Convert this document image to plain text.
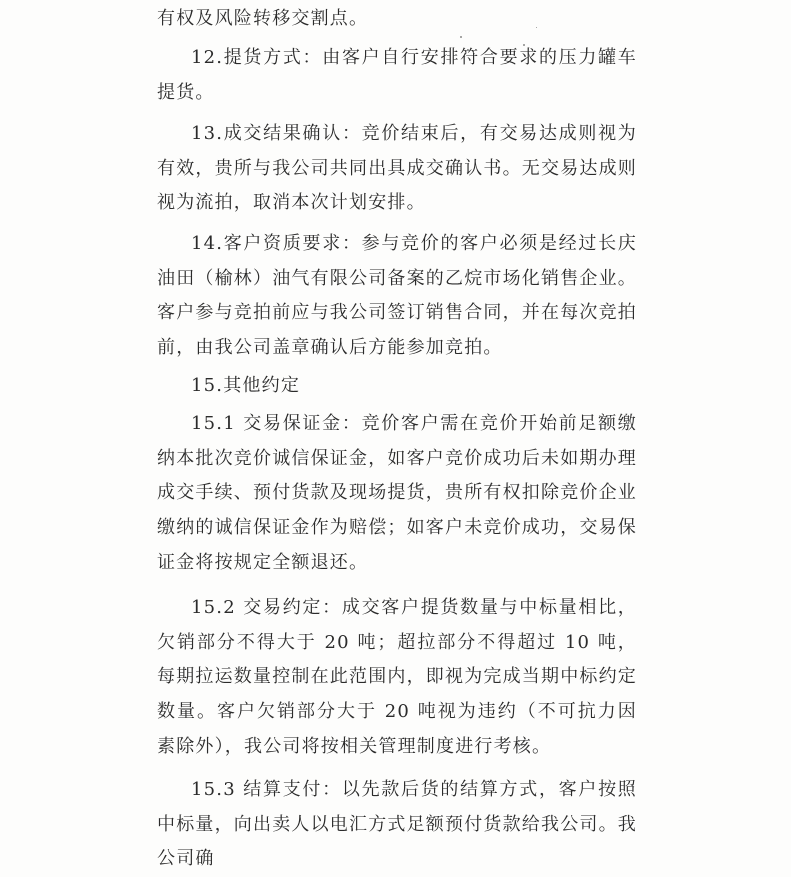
有权及风险转移交割点。

12.提货方式：由客户自行安排符合要求的压力罐车提货。

13.成交结果确认：竞价结束后，有交易达成则视为有效，贵所与我公司共同出具成交确认书。无交易达成则视为流拍，取消本次计划安排。

14.客户资质要求：参与竞价的客户必须是经过长庆油田（榆林）油气有限公司备案的乙烷市场化销售企业。客户参与竞拍前应与我公司签订销售合同，并在每次竞拍前，由我公司盖章确认后方能参加竞拍。

15.其他约定

15.1 交易保证金：竞价客户需在竞价开始前足额缴纳本批次竞价诚信保证金，如客户竞价成功后未如期办理成交手续、预付货款及现场提货，贵所有权扣除竞价企业缴纳的诚信保证金作为赔偿；如客户未竞价成功，交易保证金将按规定全额退还。

15.2 交易约定：成交客户提货数量与中标量相比，欠销部分不得大于 20 吨；超拉部分不得超过 10 吨，每期拉运数量控制在此范围内，即视为完成当期中标约定数量。客户欠销部分大于 20 吨视为违约（不可抗力因素除外），我公司将按相关管理制度进行考核。

15.3 结算支付：以先款后货的结算方式，客户按照中标量，向出卖人以电汇方式足额预付货款给我公司。我公司确
